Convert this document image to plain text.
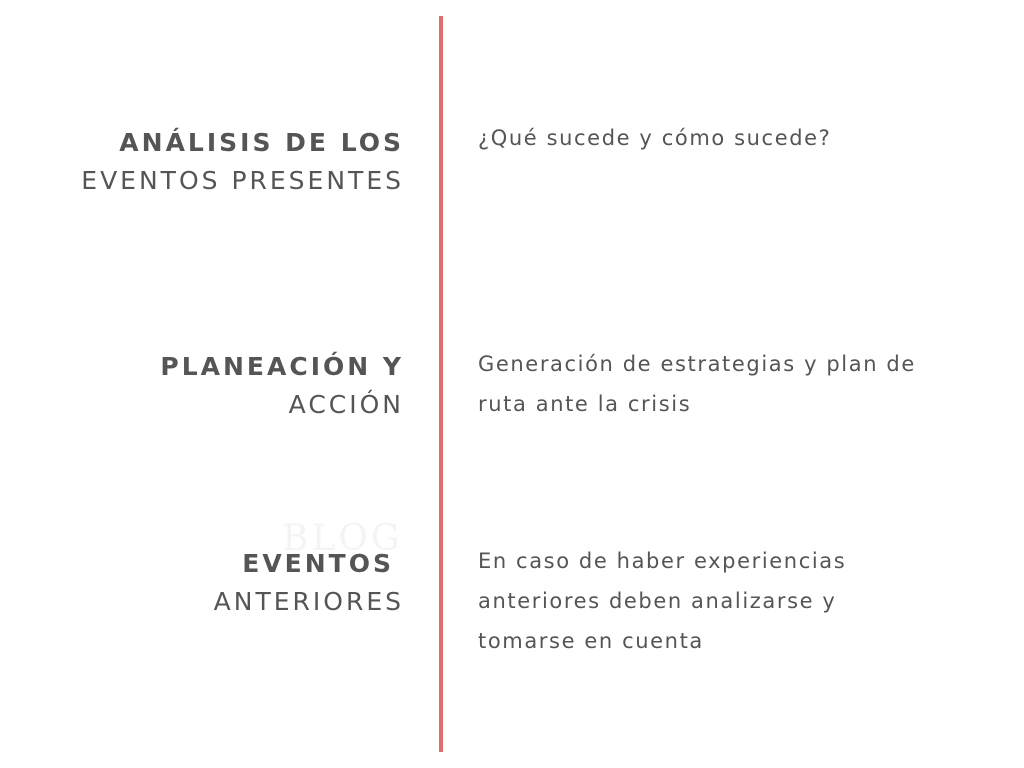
BLOG
ANÁLISIS DE LOS
EVENTOS PRESENTES
¿Qué sucede y cómo sucede?
PLANEACIÓN Y
ACCIÓN
Generación de estrategias y plan de
ruta ante la crisis
EVENTOS
ANTERIORES
En caso de haber experiencias
anteriores deben analizarse y
tomarse en cuenta
